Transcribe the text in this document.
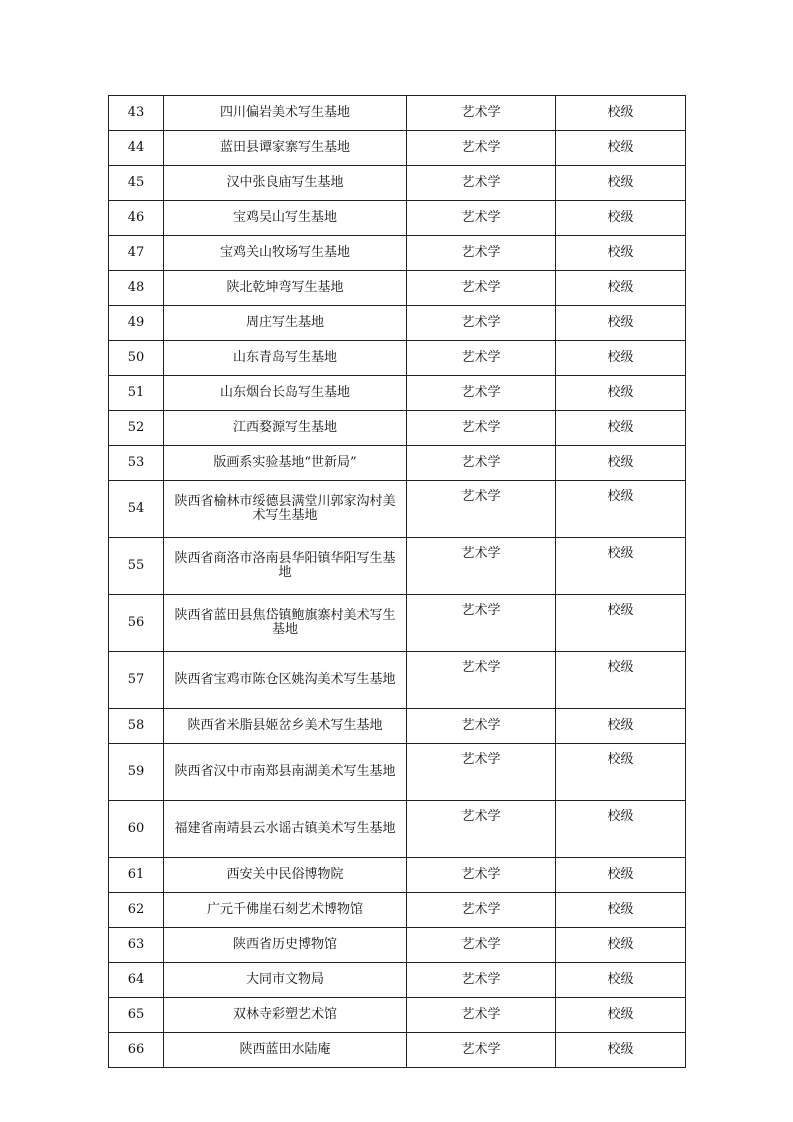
43	四川偏岩美术写生基地	艺术学	校级
44	蓝田县谭家寨写生基地	艺术学	校级
45	汉中张良庙写生基地	艺术学	校级
46	宝鸡吴山写生基地	艺术学	校级
47	宝鸡关山牧场写生基地	艺术学	校级
48	陕北乾坤弯写生基地	艺术学	校级
49	周庄写生基地	艺术学	校级
50	山东青岛写生基地	艺术学	校级
51	山东烟台长岛写生基地	艺术学	校级
52	江西婺源写生基地	艺术学	校级
53	版画系实验基地“世新局”	艺术学	校级
54	陕西省榆林市绥德县满堂川郭家沟村美术写生基地	艺术学	校级
55	陕西省商洛市洛南县华阳镇华阳写生基地	艺术学	校级
56	陕西省蓝田县焦岱镇鲍旗寨村美术写生基地	艺术学	校级
57	陕西省宝鸡市陈仓区姚沟美术写生基地	艺术学	校级
58	陕西省米脂县姬岔乡美术写生基地	艺术学	校级
59	陕西省汉中市南郑县南湖美术写生基地	艺术学	校级
60	福建省南靖县云水谣古镇美术写生基地	艺术学	校级
61	西安关中民俗博物院	艺术学	校级
62	广元千佛崖石刻艺术博物馆	艺术学	校级
63	陕西省历史博物馆	艺术学	校级
64	大同市文物局	艺术学	校级
65	双林寺彩塑艺术馆	艺术学	校级
66	陕西蓝田水陆庵	艺术学	校级
